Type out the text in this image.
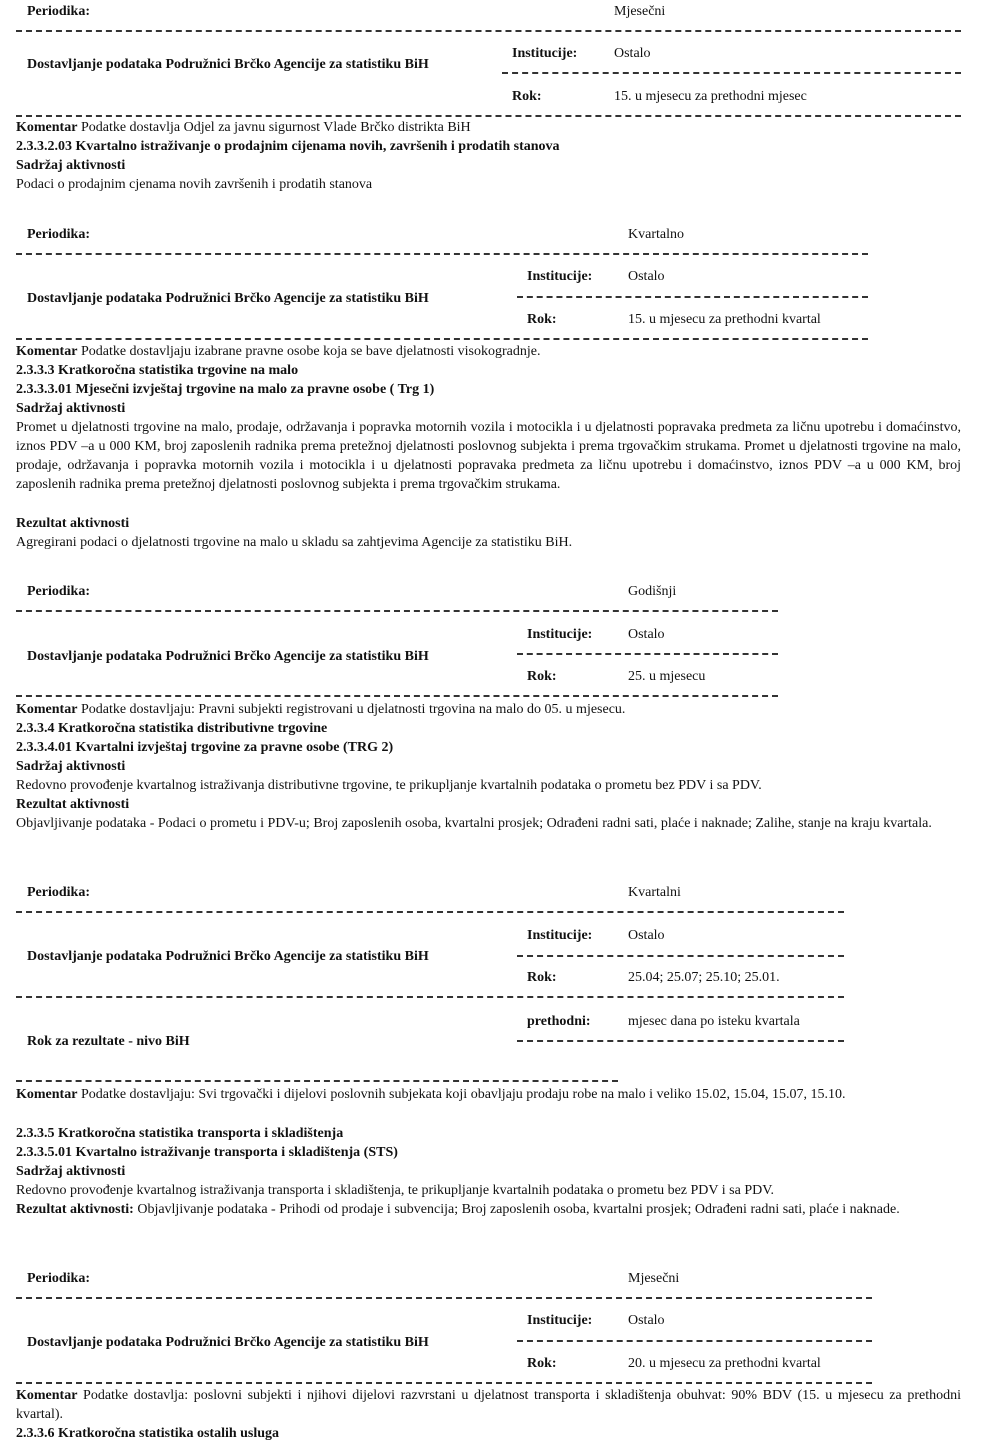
Periodika:	Mjesečni
Dostavljanje podataka Podružnici Brčko Agencije za statistiku BiH
Institucije:	Ostalo
Rok:	15. u mjesecu za prethodni mjesec
Komentar Podatke dostavlja Odjel za javnu sigurnost Vlade Brčko distrikta BiH
2.3.3.2.03 Kvartalno istraživanje o prodajnim cijenama novih, završenih i prodatih stanova
Sadržaj aktivnosti
Podaci o prodajnim cjenama novih završenih i prodatih stanova
Periodika:	Kvartalno
Dostavljanje podataka Podružnici Brčko Agencije za statistiku BiH
Institucije:	Ostalo
Rok:	15. u mjesecu za prethodni kvartal
Komentar Podatke dostavljaju izabrane pravne osobe koja se bave djelatnosti visokogradnje.
2.3.3.3 Kratkoročna statistika trgovine na malo
2.3.3.3.01 Mjesečni izvještaj trgovine na malo za pravne osobe ( Trg 1)
Sadržaj aktivnosti
Promet u djelatnosti trgovine na malo, prodaje, održavanja i popravka motornih vozila i motocikla i u djelatnosti popravaka predmeta za ličnu upotrebu i domaćinstvo, iznos PDV –a u 000 KM, broj zaposlenih radnika prema pretežnoj djelatnosti poslovnog subjekta i prema trgovačkim strukama. Promet u djelatnosti trgovine na malo, prodaje, održavanja i popravka motornih vozila i motocikla i u djelatnosti popravaka predmeta za ličnu upotrebu i domaćinstvo, iznos PDV –a u 000 KM, broj zaposlenih radnika prema pretežnoj djelatnosti poslovnog subjekta i prema trgovačkim strukama.
Rezultat aktivnosti
Agregirani podaci o djelatnosti trgovine na malo u skladu sa zahtjevima Agencije za statistiku BiH.
Periodika:	Godišnji
Dostavljanje podataka Podružnici Brčko Agencije za statistiku BiH
Institucije:	Ostalo
Rok:	25. u mjesecu
Komentar Podatke dostavljaju: Pravni subjekti registrovani u djelatnosti trgovina na malo do 05. u mjesecu.
2.3.3.4 Kratkoročna statistika distributivne trgovine
2.3.3.4.01 Kvartalni izvještaj trgovine za pravne osobe (TRG 2)
Sadržaj aktivnosti
Redovno provođenje kvartalnog istraživanja distributivne trgovine, te prikupljanje kvartalnih podataka o prometu bez PDV i sa PDV.
Rezultat aktivnosti
Objavljivanje podataka - Podaci o prometu i PDV-u; Broj zaposlenih osoba, kvartalni prosjek; Odrađeni radni sati, plaće i naknade; Zalihe, stanje na kraju kvartala.
Periodika:	Kvartalni
Dostavljanje podataka Podružnici Brčko Agencije za statistiku BiH
Institucije:	Ostalo
Rok:	25.04; 25.07; 25.10; 25.01.
prethodni:	mjesec dana po isteku kvartala
Rok za rezultate - nivo BiH
Komentar Podatke dostavljaju: Svi trgovački i dijelovi poslovnih subjekata koji obavljaju prodaju robe na malo i veliko 15.02, 15.04, 15.07, 15.10.
2.3.3.5 Kratkoročna statistika transporta i skladištenja
2.3.3.5.01 Kvartalno istraživanje transporta i skladištenja (STS)
Sadržaj aktivnosti
Redovno provođenje kvartalnog istraživanja transporta i skladištenja, te prikupljanje kvartalnih podataka o prometu bez PDV i sa PDV.
Rezultat aktivnosti: Objavljivanje podataka - Prihodi od prodaje i subvencija; Broj zaposlenih osoba, kvartalni prosjek; Odrađeni radni sati, plaće i naknade.
Periodika:	Mjesečni
Dostavljanje podataka Podružnici Brčko Agencije za statistiku BiH
Institucije:	Ostalo
Rok:	20. u mjesecu za prethodni kvartal
Komentar Podatke dostavlja: poslovni subjekti i njihovi dijelovi razvrstani u djelatnost transporta i skladištenja obuhvat: 90% BDV (15. u mjesecu za prethodni kvartal).
2.3.3.6 Kratkoročna statistika ostalih usluga
